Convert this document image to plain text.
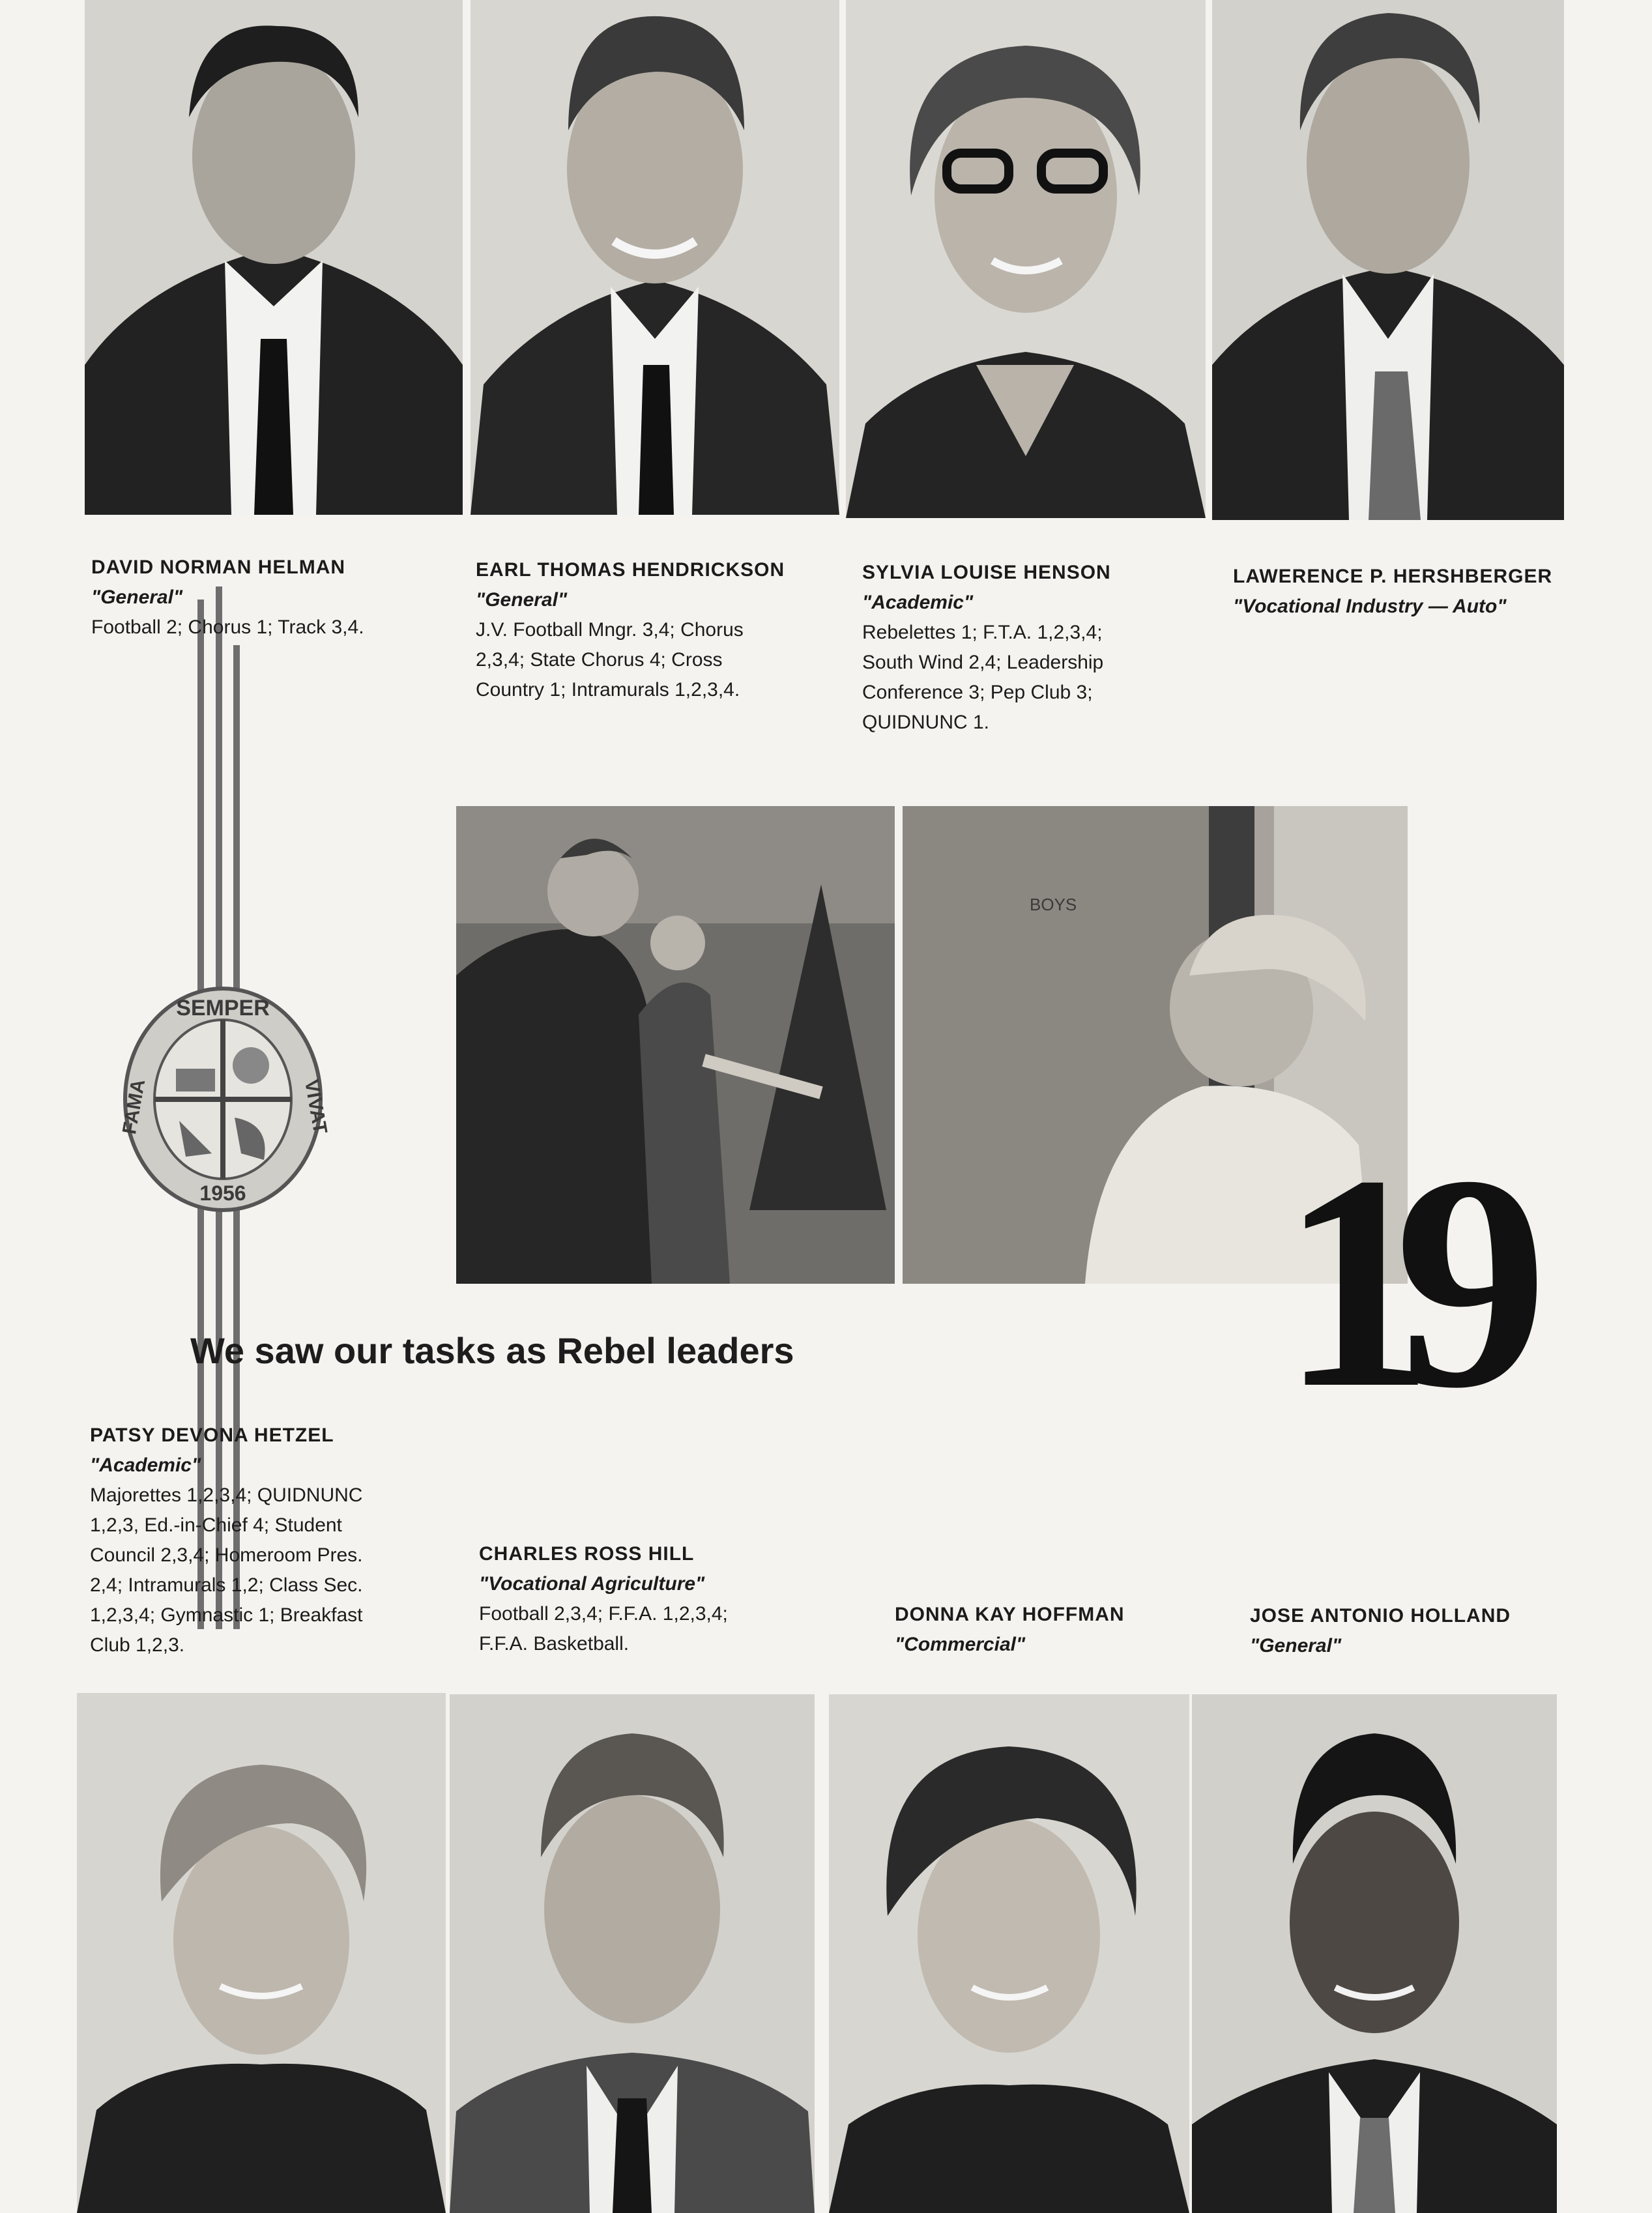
SEMPER
FAMA	VIVAT
1956
DAVID NORMAN HELMAN
"General"
Football 2; Chorus 1; Track 3,4.
EARL THOMAS HENDRICKSON
"General"
J.V. Football Mngr. 3,4; Chorus
2,3,4; State Chorus 4; Cross
Country 1; Intramurals 1,2,3,4.
SYLVIA LOUISE HENSON
"Academic"
Rebelettes 1; F.T.A. 1,2,3,4;
South Wind 2,4; Leadership
Conference 3; Pep Club 3;
QUIDNUNC 1.
LAWERENCE P. HERSHBERGER
"Vocational Industry — Auto"
BOYS
We saw our tasks as Rebel leaders 19
PATSY DEVONA HETZEL
"Academic"
Majorettes 1,2,3,4; QUIDNUNC
1,2,3, Ed.-in-Chief 4; Student
Council 2,3,4; Homeroom Pres.
2,4; Intramurals 1,2; Class Sec.
1,2,3,4; Gymnastic 1; Breakfast
Club 1,2,3.
CHARLES ROSS HILL
"Vocational Agriculture"
Football 2,3,4; F.F.A. 1,2,3,4;
F.F.A. Basketball.
DONNA KAY HOFFMAN
"Commercial"
JOSE ANTONIO HOLLAND
"General"
